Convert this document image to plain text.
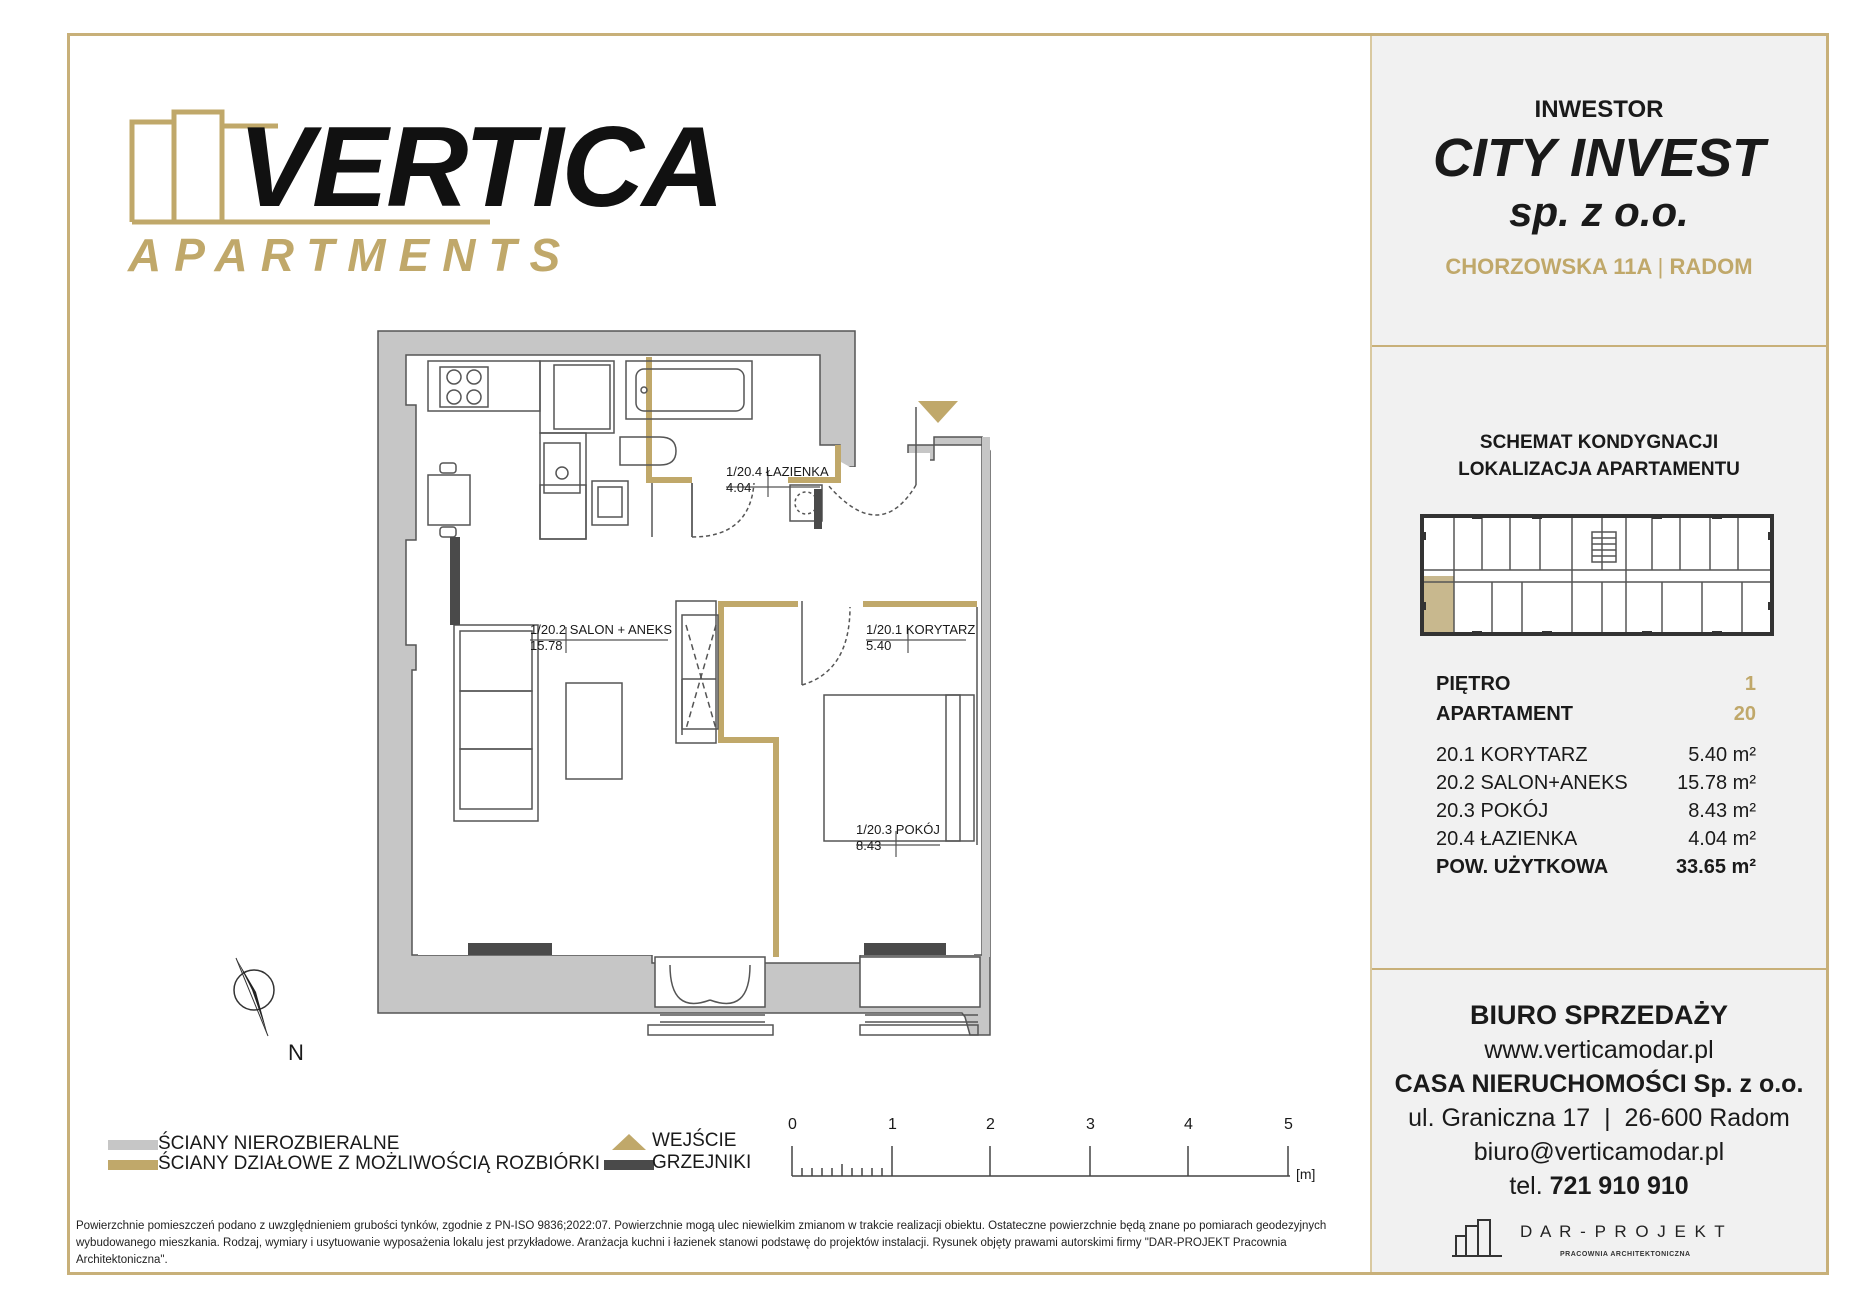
VERTICA
APARTMENTS
INWESTOR
CITY INVEST
sp. z o.o.
CHORZOWSKA 11A | RADOM
SCHEMAT KONDYGNACJI
LOKALIZACJA APARTAMENTU
PIĘTRO	1
APARTAMENT	20
20.1 KORYTARZ	5.40 m²
20.2 SALON+ANEKS 15.78 m²
20.3 POKÓJ	8.43 m²
20.4 ŁAZIENKA	4.04 m²
POW. UŻYTKOWA	33.65 m²
BIURO SPRZEDAŻY
www.verticamodar.pl
CASA NIERUCHOMOŚCI Sp. z o.o.
ul. Graniczna 17  |  26-600 Radom
biuro@verticamodar.pl
tel. 721 910 910
D A R - P R O J E K T
PRACOWNIA ARCHITEKTONICZNA
1/20.4 ŁAZIENKA
4.04
1/20.2 SALON + ANEKS
15.78
1/20.1 KORYTARZ
5.40
1/20.3 POKÓJ
8.43
N
ŚCIANY NIEROZBIERALNE
ŚCIANY DZIAŁOWE Z MOŻLIWOŚCIĄ ROZBIÓRKI
WEJŚCIE
GRZEJNIKI
0	1	2	3	4	5
[m]
Powierzchnie pomieszczeń podano z uwzględnieniem grubości tynków, zgodnie z PN-ISO 9836;2022:07. Powierzchnie mogą ulec niewielkim zmianom w trakcie realizacji obiektu. Ostateczne powierzchnie będą znane po pomiarach geodezyjnych wybudowanego mieszkania. Rodzaj, wymiary i usytuowanie wyposażenia lokalu jest przykładowe. Aranżacja kuchni i łazienek stanowi podstawę do projektów instalacji. Rysunek objęty prawami autorskimi firmy "DAR-PROJEKT Pracownia Architektoniczna".
